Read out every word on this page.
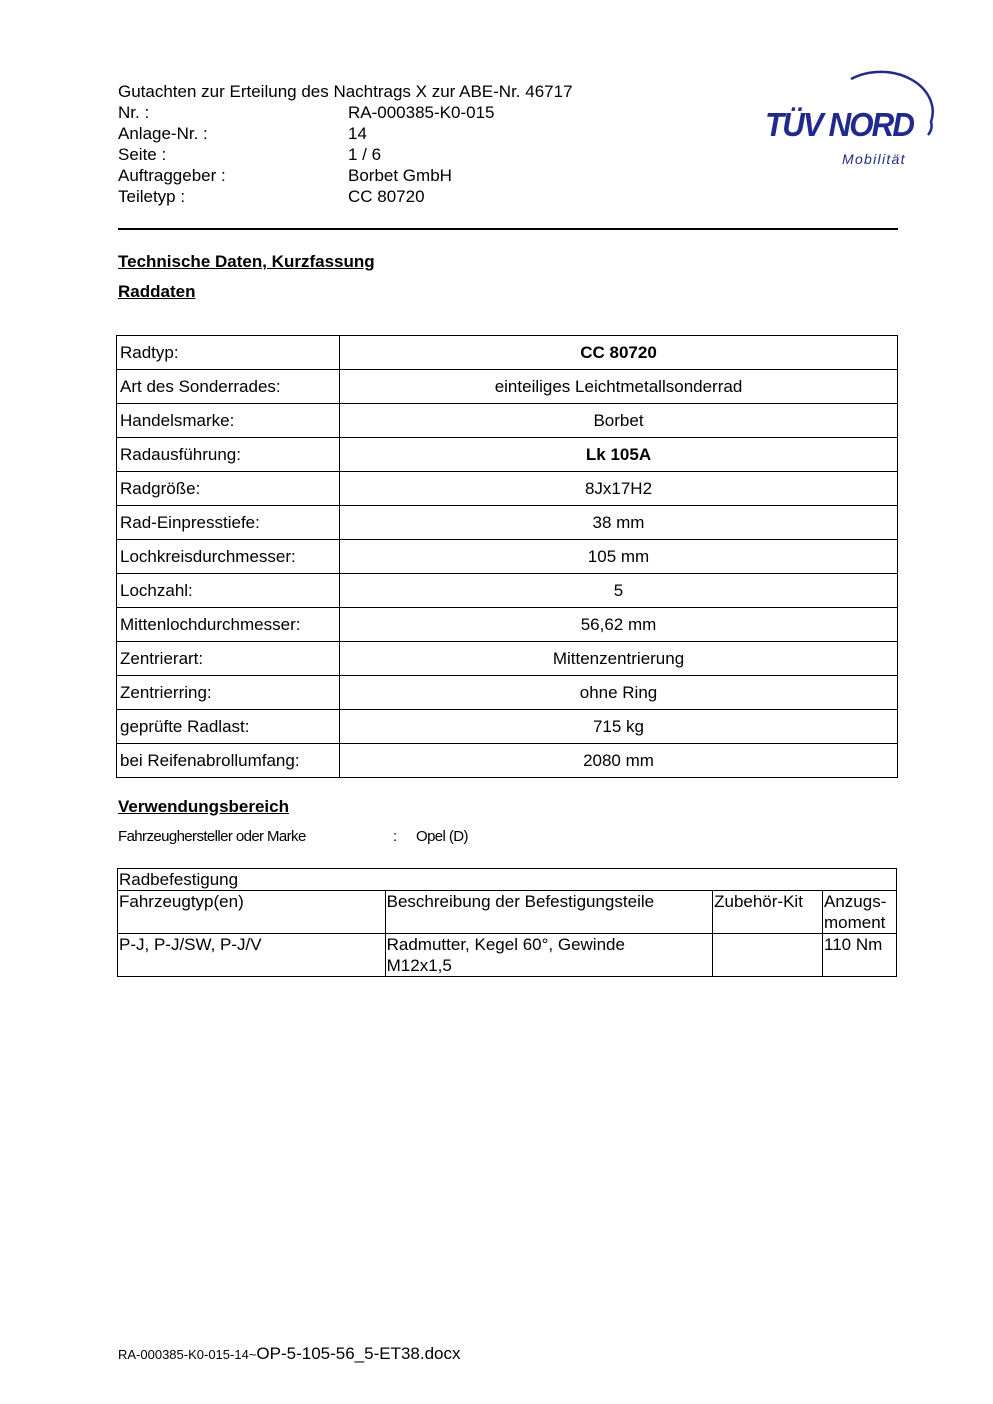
Gutachten zur Erteilung des Nachtrags X zur ABE-Nr. 46717
Nr. :	RA-000385-K0-015
Anlage-Nr. :	14
Seite :	1 / 6
Auftraggeber :	Borbet GmbH
Teiletyp :	CC 80720
TÜV NORD
Mobilität
Technische Daten, Kurzfassung
Raddaten
Radtyp:	CC 80720
Art des Sonderrades:	einteiliges Leichtmetallsonderrad
Handelsmarke:	Borbet
Radausführung:	Lk 105A
Radgröße:	8Jx17H2
Rad-Einpresstiefe:	38 mm
Lochkreisdurchmesser:	105 mm
Lochzahl:	5
Mittenlochdurchmesser:	56,62 mm
Zentrierart:	Mittenzentrierung
Zentrierring:	ohne Ring
geprüfte Radlast:	715 kg
bei Reifenabrollumfang:	2080 mm
Verwendungsbereich
Fahrzeughersteller oder Marke	:	Opel (D)
Radbefestigung			
Fahrzeugtyp(en)	Beschreibung der Befestigungsteile	Zubehör-Kit	Anzugs-
moment
P-J, P-J/SW, P-J/V	Radmutter, Kegel 60°, Gewinde
M12x1,5		110 Nm
RA-000385-K0-015-14~OP-5-105-56_5-ET38.docx
